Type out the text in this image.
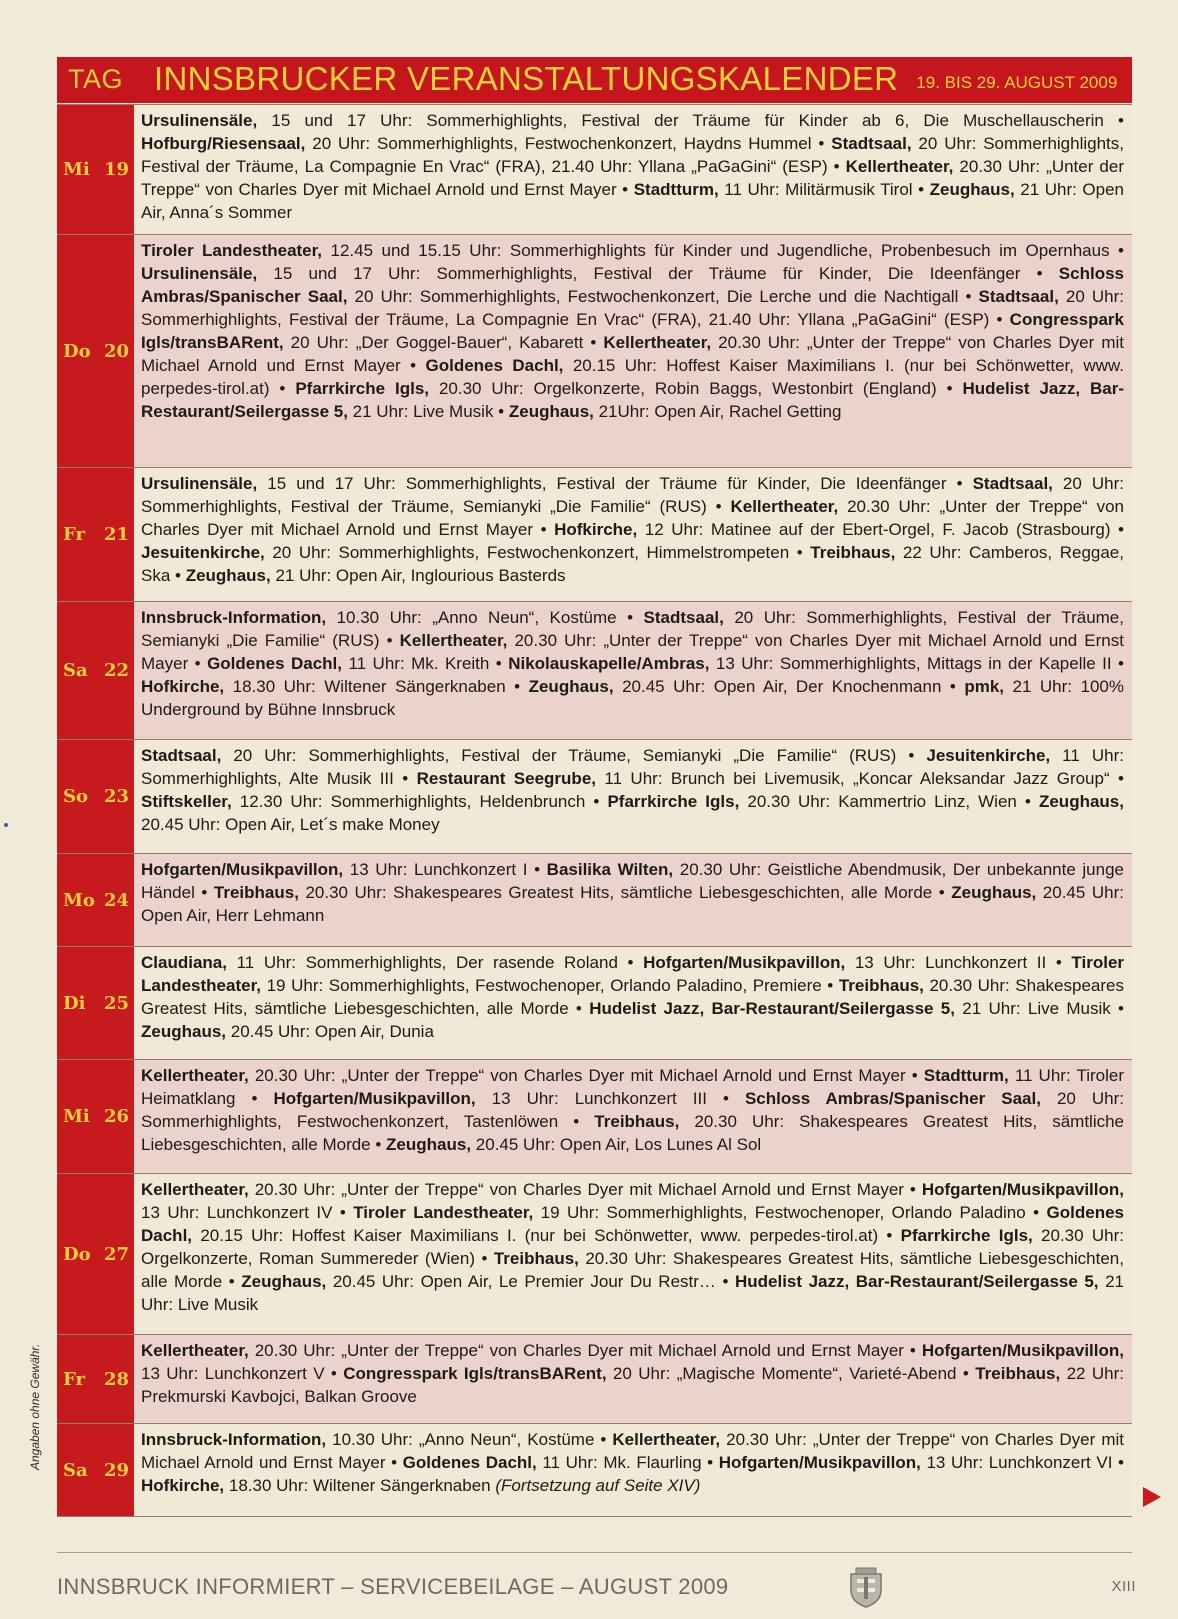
TAG INNSBRUCKER VERANSTALTUNGSKALENDER 19. BIS 29. AUGUST 2009
Mi 19
Ursulinensäle, 15 und 17 Uhr: Sommerhighlights, Festival der Träume für Kinder ab 6, Die Muschellauscherin • Hofburg/Riesensaal, 20 Uhr: Sommerhighlights, Festwochenkonzert, Haydns Hummel • Stadtsaal, 20 Uhr: Sommerhighlights, Festival der Träume, La Compagnie En Vrac“ (FRA), 21.40 Uhr: Yllana „PaGaGini“ (ESP) • Kellertheater, 20.30 Uhr: „Unter der Treppe“ von Charles Dyer mit Michael Arnold und Ernst Mayer • Stadtturm, 11 Uhr: Militärmusik Tirol • Zeughaus, 21 Uhr: Open Air, Anna´s Sommer
Do 20
Tiroler Landestheater, 12.45 und 15.15 Uhr: Sommerhighlights für Kinder und Jugendliche, Probenbesuch im Opernhaus • Ursulinensäle, 15 und 17 Uhr: Sommerhighlights, Festival der Träume für Kinder, Die Ideenfänger • Schloss Ambras/Spanischer Saal, 20 Uhr: Sommerhighlights, Festwochenkonzert, Die Lerche und die Nachtigall • Stadtsaal, 20 Uhr: Sommerhighlights, Festival der Träume, La Compagnie En Vrac“ (FRA), 21.40 Uhr: Yllana „PaGaGini“ (ESP) • Congresspark Igls/transBARent, 20 Uhr: „Der Goggel-Bauer“, Kabarett • Kellertheater, 20.30 Uhr: „Unter der Treppe“ von Charles Dyer mit Michael Arnold und Ernst Mayer • Goldenes Dachl, 20.15 Uhr: Hoffest Kaiser Maximilians I. (nur bei Schönwetter, www. perpedes-tirol.at) • Pfarrkirche Igls, 20.30 Uhr: Orgelkonzerte, Robin Baggs, Westonbirt (England) • Hudelist Jazz, Bar-Restaurant/Seilergasse 5, 21 Uhr: Live Musik • Zeughaus, 21Uhr: Open Air, Rachel Getting
Fr 21
Ursulinensäle, 15 und 17 Uhr: Sommerhighlights, Festival der Träume für Kinder, Die Ideenfänger • Stadtsaal, 20 Uhr: Sommerhighlights, Festival der Träume, Semianyki „Die Familie“ (RUS) • Kellertheater, 20.30 Uhr: „Unter der Treppe“ von Charles Dyer mit Michael Arnold und Ernst Mayer • Hofkirche, 12 Uhr: Matinee auf der Ebert-Orgel, F. Jacob (Strasbourg) • Jesuitenkirche, 20 Uhr: Sommerhighlights, Festwochenkonzert, Himmelstrompeten • Treibhaus, 22 Uhr: Camberos, Reggae, Ska • Zeughaus, 21 Uhr: Open Air, Inglourious Basterds
Sa 22
Innsbruck-Information, 10.30 Uhr: „Anno Neun“, Kostüme • Stadtsaal, 20 Uhr: Sommerhighlights, Festival der Träume, Semianyki „Die Familie“ (RUS) • Kellertheater, 20.30 Uhr: „Unter der Treppe“ von Charles Dyer mit Michael Arnold und Ernst Mayer • Goldenes Dachl, 11 Uhr: Mk. Kreith • Nikolauskapelle/Ambras, 13 Uhr: Sommerhighlights, Mittags in der Kapelle II • Hofkirche, 18.30 Uhr: Wiltener Sängerknaben • Zeughaus, 20.45 Uhr: Open Air, Der Knochenmann • pmk, 21 Uhr: 100% Underground by Bühne Innsbruck
So 23
Stadtsaal, 20 Uhr: Sommerhighlights, Festival der Träume, Semianyki „Die Familie“ (RUS) • Jesuitenkirche, 11 Uhr: Sommerhighlights, Alte Musik III • Restaurant Seegrube, 11 Uhr: Brunch bei Livemusik, „Koncar Aleksandar Jazz Group“ • Stiftskeller, 12.30 Uhr: Sommerhighlights, Heldenbrunch • Pfarrkirche Igls, 20.30 Uhr: Kammertrio Linz, Wien • Zeughaus, 20.45 Uhr: Open Air, Let´s make Money
Mo 24
Hofgarten/Musikpavillon, 13 Uhr: Lunchkonzert I • Basilika Wilten, 20.30 Uhr: Geistliche Abendmusik, Der unbekannte junge Händel • Treibhaus, 20.30 Uhr: Shakespeares Greatest Hits, sämtliche Liebesgeschichten, alle Morde • Zeughaus, 20.45 Uhr: Open Air, Herr Lehmann
Di 25
Claudiana, 11 Uhr: Sommerhighlights, Der rasende Roland • Hofgarten/Musikpavillon, 13 Uhr: Lunchkonzert II • Tiroler Landestheater, 19 Uhr: Sommerhighlights, Festwochenoper, Orlando Paladino, Premiere • Treibhaus, 20.30 Uhr: Shakespeares Greatest Hits, sämtliche Liebesgeschichten, alle Morde • Hudelist Jazz, Bar-Restaurant/Seilergasse 5, 21 Uhr: Live Musik • Zeughaus, 20.45 Uhr: Open Air, Dunia
Mi 26
Kellertheater, 20.30 Uhr: „Unter der Treppe“ von Charles Dyer mit Michael Arnold und Ernst Mayer • Stadtturm, 11 Uhr: Tiroler Heimatklang • Hofgarten/Musikpavillon, 13 Uhr: Lunchkonzert III • Schloss Ambras/Spanischer Saal, 20 Uhr: Sommerhighlights, Festwochenkonzert, Tastenlöwen • Treibhaus, 20.30 Uhr: Shakespeares Greatest Hits, sämtliche Liebesgeschichten, alle Morde • Zeughaus, 20.45 Uhr: Open Air, Los Lunes Al Sol
Do 27
Kellertheater, 20.30 Uhr: „Unter der Treppe“ von Charles Dyer mit Michael Arnold und Ernst Mayer • Hofgarten/Musikpavillon, 13 Uhr: Lunchkonzert IV • Tiroler Landestheater, 19 Uhr: Sommerhighlights, Festwochenoper, Orlando Paladino • Goldenes Dachl, 20.15 Uhr: Hoffest Kaiser Maximilians I. (nur bei Schönwetter, www. perpedes-tirol.at) • Pfarrkirche Igls, 20.30 Uhr: Orgelkonzerte, Roman Summereder (Wien) • Treibhaus, 20.30 Uhr: Shakespeares Greatest Hits, sämtliche Liebesgeschichten, alle Morde • Zeughaus, 20.45 Uhr: Open Air, Le Premier Jour Du Restr… • Hudelist Jazz, Bar-Restaurant/Seilergasse 5, 21 Uhr: Live Musik
Fr 28
Kellertheater, 20.30 Uhr: „Unter der Treppe“ von Charles Dyer mit Michael Arnold und Ernst Mayer • Hofgarten/Musikpavillon, 13 Uhr: Lunchkonzert V • Congresspark Igls/transBARent, 20 Uhr: „Magische Momente“, Varieté-Abend • Treibhaus, 22 Uhr: Prekmurski Kavbojci, Balkan Groove
Sa 29
Innsbruck-Information, 10.30 Uhr: „Anno Neun“, Kostüme • Kellertheater, 20.30 Uhr: „Unter der Treppe“ von Charles Dyer mit Michael Arnold und Ernst Mayer • Goldenes Dachl, 11 Uhr: Mk. Flaurling • Hofgarten/Musikpavillon, 13 Uhr: Lunchkonzert VI • Hofkirche, 18.30 Uhr: Wiltener Sängerknaben (Fortsetzung auf Seite XIV)
Angaben ohne Gewähr.
INNSBRUCK INFORMIERT – SERVICEBEILAGE – AUGUST 2009	XIII
